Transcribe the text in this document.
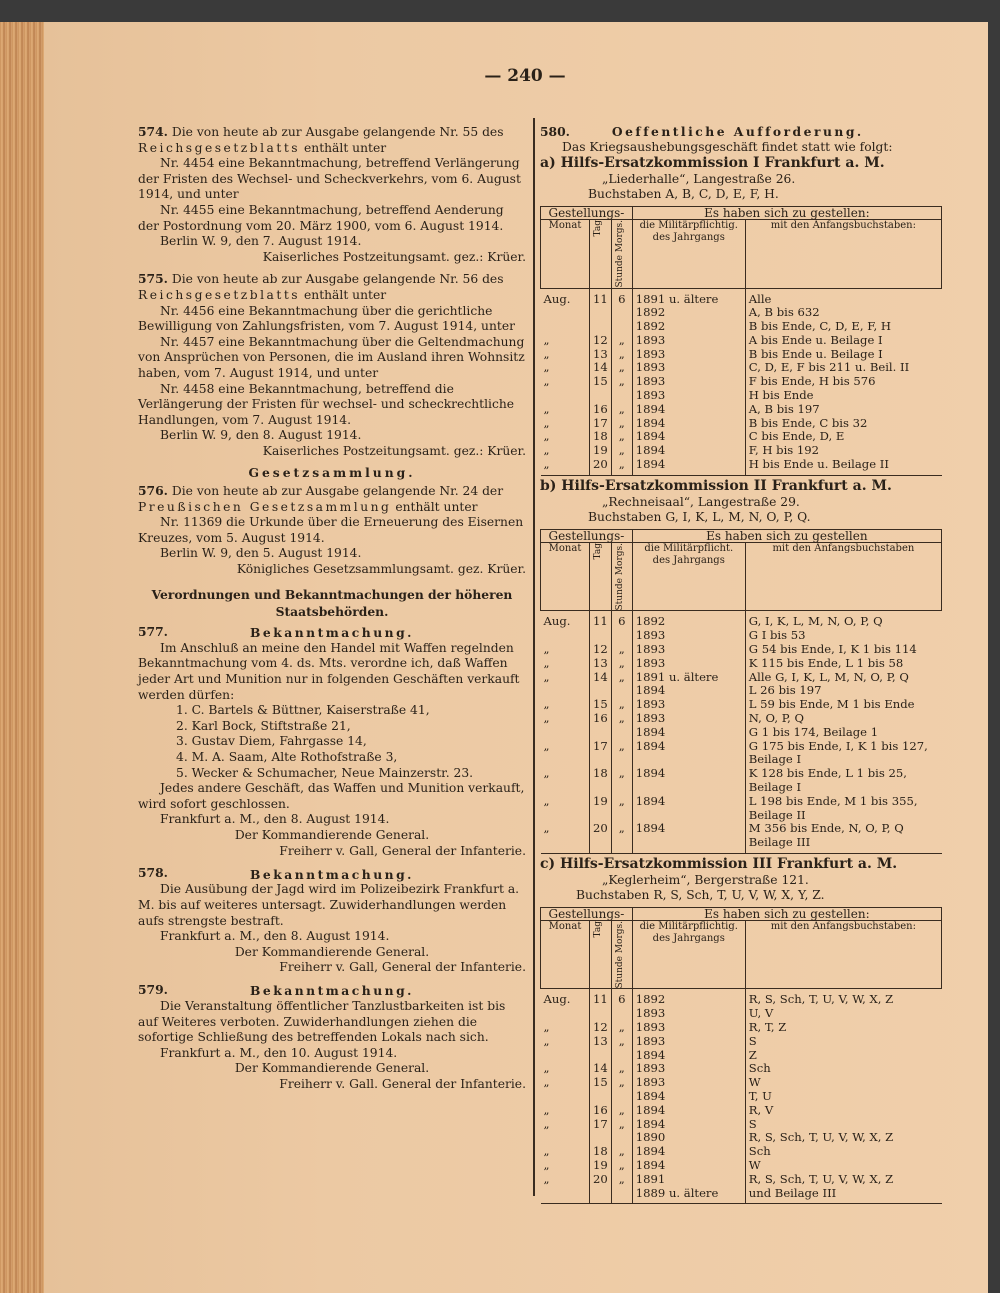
— 240 —

574. Die von heute ab zur Ausgabe gelangende Nr. 55 des Reichsgesetzblatts enthält unter

Nr. 4454 eine Bekanntmachung, betreffend Verlängerung der Fristen des Wechsel- und Scheckverkehrs, vom 6. August 1914, und unter

Nr. 4455 eine Bekanntmachung, betreffend Aenderung der Postordnung vom 20. März 1900, vom 6. August 1914.

Berlin W. 9, den 7. August 1914.

Kaiserliches Postzeitungsamt. gez.: Krüer.

575. Die von heute ab zur Ausgabe gelangende Nr. 56 des Reichsgesetzblatts enthält unter

Nr. 4456 eine Bekanntmachung über die gerichtliche Bewilligung von Zahlungsfristen, vom 7. August 1914, unter

Nr. 4457 eine Bekanntmachung über die Geltendmachung von Ansprüchen von Personen, die im Ausland ihren Wohnsitz haben, vom 7. August 1914, und unter

Nr. 4458 eine Bekanntmachung, betreffend die Verlängerung der Fristen für wechsel- und scheckrechtliche Handlungen, vom 7. August 1914.

Berlin W. 9, den 8. August 1914.

Kaiserliches Postzeitungsamt. gez.: Krüer.

Gesetzsammlung.

576. Die von heute ab zur Ausgabe gelangende Nr. 24 der Preußischen Gesetzsammlung enthält unter

Nr. 11369 die Urkunde über die Erneuerung des Eisernen Kreuzes, vom 5. August 1914.

Berlin W. 9, den 5. August 1914.

Königliches Gesetzsammlungsamt. gez. Krüer.

Verordnungen und Bekanntmachungen der höheren Staatsbehörden.

577.	Bekanntmachung.

Im Anschluß an meine den Handel mit Waffen regelnden Bekanntmachung vom 4. ds. Mts. verordne ich, daß Waffen jeder Art und Munition nur in folgenden Geschäften verkauft werden dürfen:

1. C. Bartels & Büttner, Kaiserstraße 41,

2. Karl Bock, Stiftstraße 21,

3. Gustav Diem, Fahrgasse 14,

4. M. A. Saam, Alte Rothofstraße 3,

5. Wecker & Schumacher, Neue Mainzerstr. 23.

Jedes andere Geschäft, das Waffen und Munition verkauft, wird sofort geschlossen.

Frankfurt a. M., den 8. August 1914.

Der Kommandierende General.

Freiherr v. Gall, General der Infanterie.

578.	Bekanntmachung.

Die Ausübung der Jagd wird im Polizeibezirk Frankfurt a. M. bis auf weiteres untersagt. Zuwiderhandlungen werden aufs strengste bestraft.

Frankfurt a. M., den 8. August 1914.

Der Kommandierende General.

Freiherr v. Gall, General der Infanterie.

579.	Bekanntmachung.

Die Veranstaltung öffentlicher Tanzlustbarkeiten ist bis auf Weiteres verboten. Zuwiderhandlungen ziehen die sofortige Schließung des betreffenden Lokals nach sich.

Frankfurt a. M., den 10. August 1914.

Der Kommandierende General.

Freiherr v. Gall. General der Infanterie.

580.	Oeffentliche Aufforderung.

Das Kriegsaushebungsgeschäft findet statt wie folgt:

a) Hilfs-Ersatzkommission I Frankfurt a. M.

„Liederhalle“, Langestraße 26.

Buchstaben A, B, C, D, E, F, H.

Gestellungs-			Es haben sich zu gestellen:	
Monat	Tag	Stunde Morgs.	die Militärpflichtig. des Jahrgangs	mit den Anfangsbuchstaben:
Aug.	11	6	1891 u. ältere	Alle
			1892	A, B bis 632
			1892	B bis Ende, C, D, E, F, H
„	12	„	1893	A bis Ende u. Beilage I
„	13	„	1893	B bis Ende u. Beilage I
„	14	„	1893	C, D, E, F bis 211 u. Beil. II
„	15	„	1893	F bis Ende, H bis 576
			1893	H bis Ende
„	16	„	1894	A, B bis 197
„	17	„	1894	B bis Ende, C bis 32
„	18	„	1894	C bis Ende, D, E
„	19	„	1894	F, H bis 192
„	20	„	1894	H bis Ende u. Beilage II

b) Hilfs-Ersatzkommission II Frankfurt a. M.

„Rechneisaal“, Langestraße 29.

Buchstaben G, I, K, L, M, N, O, P, Q.

Gestellungs-			Es haben sich zu gestellen	
Monat	Tag	Stunde Morgs.	die Militärpflicht. des Jahrgangs	mit den Anfangsbuchstaben
Aug.	11	6	1892	G, I, K, L, M, N, O, P, Q
			1893	G I bis 53
„	12	„	1893	G 54 bis Ende, I, K 1 bis 114
„	13	„	1893	K 115 bis Ende, L 1 bis 58
„	14	„	1891 u. ältere	Alle G, I, K, L, M, N, O, P, Q
			1894	L 26 bis 197
„	15	„	1893	L 59 bis Ende, M 1 bis Ende
„	16	„	1893	N, O, P, Q
			1894	G 1 bis 174, Beilage 1
„	17	„	1894	G 175 bis Ende, I, K 1 bis 127, Beilage I
„	18	„	1894	K 128 bis Ende, L 1 bis 25, Beilage I
„	19	„	1894	L 198 bis Ende, M 1 bis 355, Beilage II
„	20	„	1894	M 356 bis Ende, N, O, P, Q Beilage III

c) Hilfs-Ersatzkommission III Frankfurt a. M.

„Keglerheim“, Bergerstraße 121.

Buchstaben R, S, Sch, T, U, V, W, X, Y, Z.

Gestellungs-			Es haben sich zu gestellen:	
Monat	Tag	Stunde Morgs.	die Militärpflichtig. des Jahrgangs	mit den Anfangsbuchstaben:
Aug.	11	6	1892	R, S, Sch, T, U, V, W, X, Z
			1893	U, V
„	12	„	1893	R, T, Z
„	13	„	1893	S
			1894	Z
„	14	„	1893	Sch
„	15	„	1893	W
			1894	T, U
„	16	„	1894	R, V
„	17	„	1894	S
			1890	R, S, Sch, T, U, V, W, X, Z
„	18	„	1894	Sch
„	19	„	1894	W
„	20	„	1891	R, S, Sch, T, U, V, W, X, Z
			1889 u. ältere	und Beilage III
